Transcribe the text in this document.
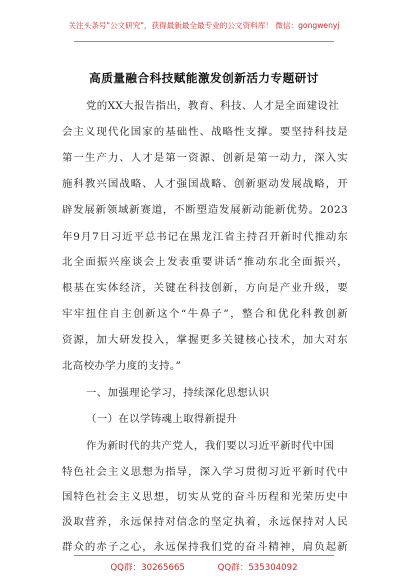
关注头条号"公文研究"，获得最新最全最专业的公文资料库！ 微信：gongwenyj
高质量融合科技赋能激发创新活力专题研讨
党的XX大报告指出，教育、科技、人才是全面建设社
会主义现代化国家的基础性、战略性支撑。要坚持科技是
第一生产力、人才是第一资源、创新是第一动力，深入实
施科教兴国战略、人才强国战略、创新驱动发展战略，开
辟发展新领域新赛道，不断塑造发展新动能新优势。2023
年9月7日习近平总书记在黑龙江省主持召开新时代推动东
北全面振兴座谈会上发表重要讲话“推动东北全面振兴，
根基在实体经济，关键在科技创新，方向是产业升级，要
牢牢扭住自主创新这个“牛鼻子”，整合和优化科教创新
资源，加大研发投入，掌握更多关键核心技术，加大对东
北高校办学力度的支持。”
一、加强理论学习，持续深化思想认识
（一）在以学铸魂上取得新提升
作为新时代的共产党人，我们要以习近平新时代中国
特色社会主义思想为指导，深入学习贯彻习近平新时代中
国特色社会主义思想，切实从党的奋斗历程和光荣历史中
汲取营养，永远保持对信念的坚定执着，永远保持对人民
群众的赤子之心，永远保持我们党的奋斗精神，肩负起新
QQ群：30265665	QQ群：535304092
